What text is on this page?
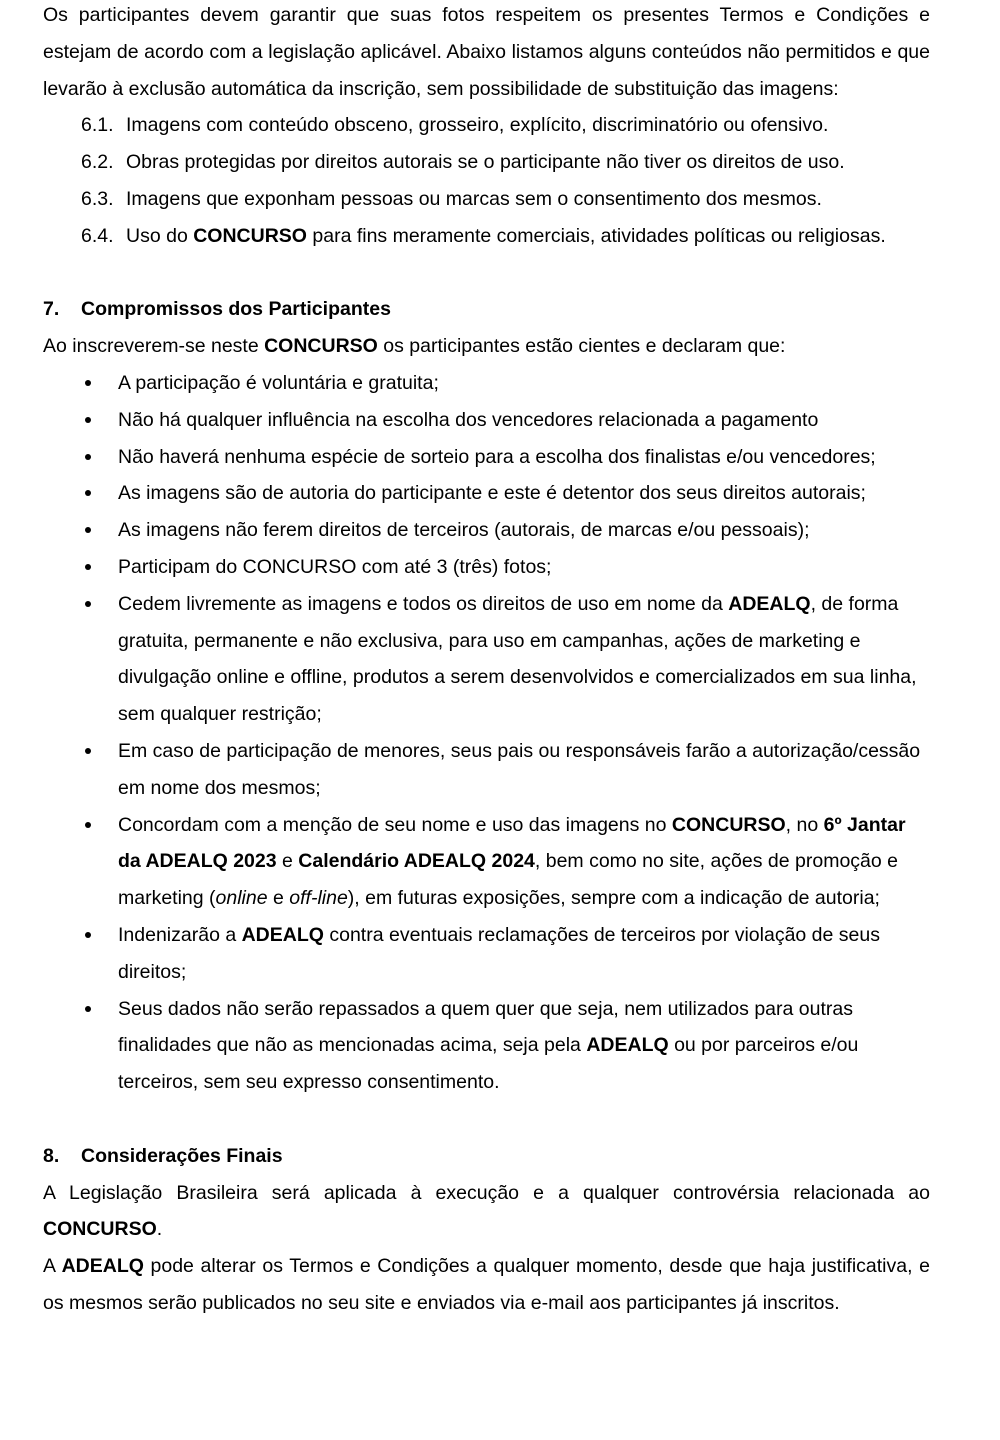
Os participantes devem garantir que suas fotos respeitem os presentes Termos e Condições e estejam de acordo com a legislação aplicável. Abaixo listamos alguns conteúdos não permitidos e que levarão à exclusão automática da inscrição, sem possibilidade de substituição das imagens:

6.1. Imagens com conteúdo obsceno, grosseiro, explícito, discriminatório ou ofensivo.
6.2. Obras protegidas por direitos autorais se o participante não tiver os direitos de uso.
6.3. Imagens que exponham pessoas ou marcas sem o consentimento dos mesmos.
6.4. Uso do CONCURSO para fins meramente comerciais, atividades políticas ou religiosas.
7.	Compromissos dos Participantes

Ao inscreverem-se neste CONCURSO os participantes estão cientes e declaram que:

A participação é voluntária e gratuita;
Não há qualquer influência na escolha dos vencedores relacionada a pagamento
Não haverá nenhuma espécie de sorteio para a escolha dos finalistas e/ou vencedores;
As imagens são de autoria do participante e este é detentor dos seus direitos autorais;
As imagens não ferem direitos de terceiros (autorais, de marcas e/ou pessoais);
Participam do CONCURSO com até 3 (três) fotos;
Cedem livremente as imagens e todos os direitos de uso em nome da ADEALQ, de forma gratuita, permanente e não exclusiva, para uso em campanhas, ações de marketing e divulgação online e offline, produtos a serem desenvolvidos e comercializados em sua linha, sem qualquer restrição;
Em caso de participação de menores, seus pais ou responsáveis farão a autorização/cessão em nome dos mesmos;
Concordam com a menção de seu nome e uso das imagens no CONCURSO, no 6º Jantar da ADEALQ 2023 e Calendário ADEALQ 2024, bem como no site, ações de promoção e marketing (online e off-line), em futuras exposições, sempre com a indicação de autoria;
Indenizarão a ADEALQ contra eventuais reclamações de terceiros por violação de seus direitos;
Seus dados não serão repassados a quem quer que seja, nem utilizados para outras finalidades que não as mencionadas acima, seja pela ADEALQ ou por parceiros e/ou terceiros, sem seu expresso consentimento.
8.	Considerações Finais

A Legislação Brasileira será aplicada à execução e a qualquer controvérsia relacionada ao CONCURSO.

A ADEALQ pode alterar os Termos e Condições a qualquer momento, desde que haja justificativa, e os mesmos serão publicados no seu site e enviados via e-mail aos participantes já inscritos.
